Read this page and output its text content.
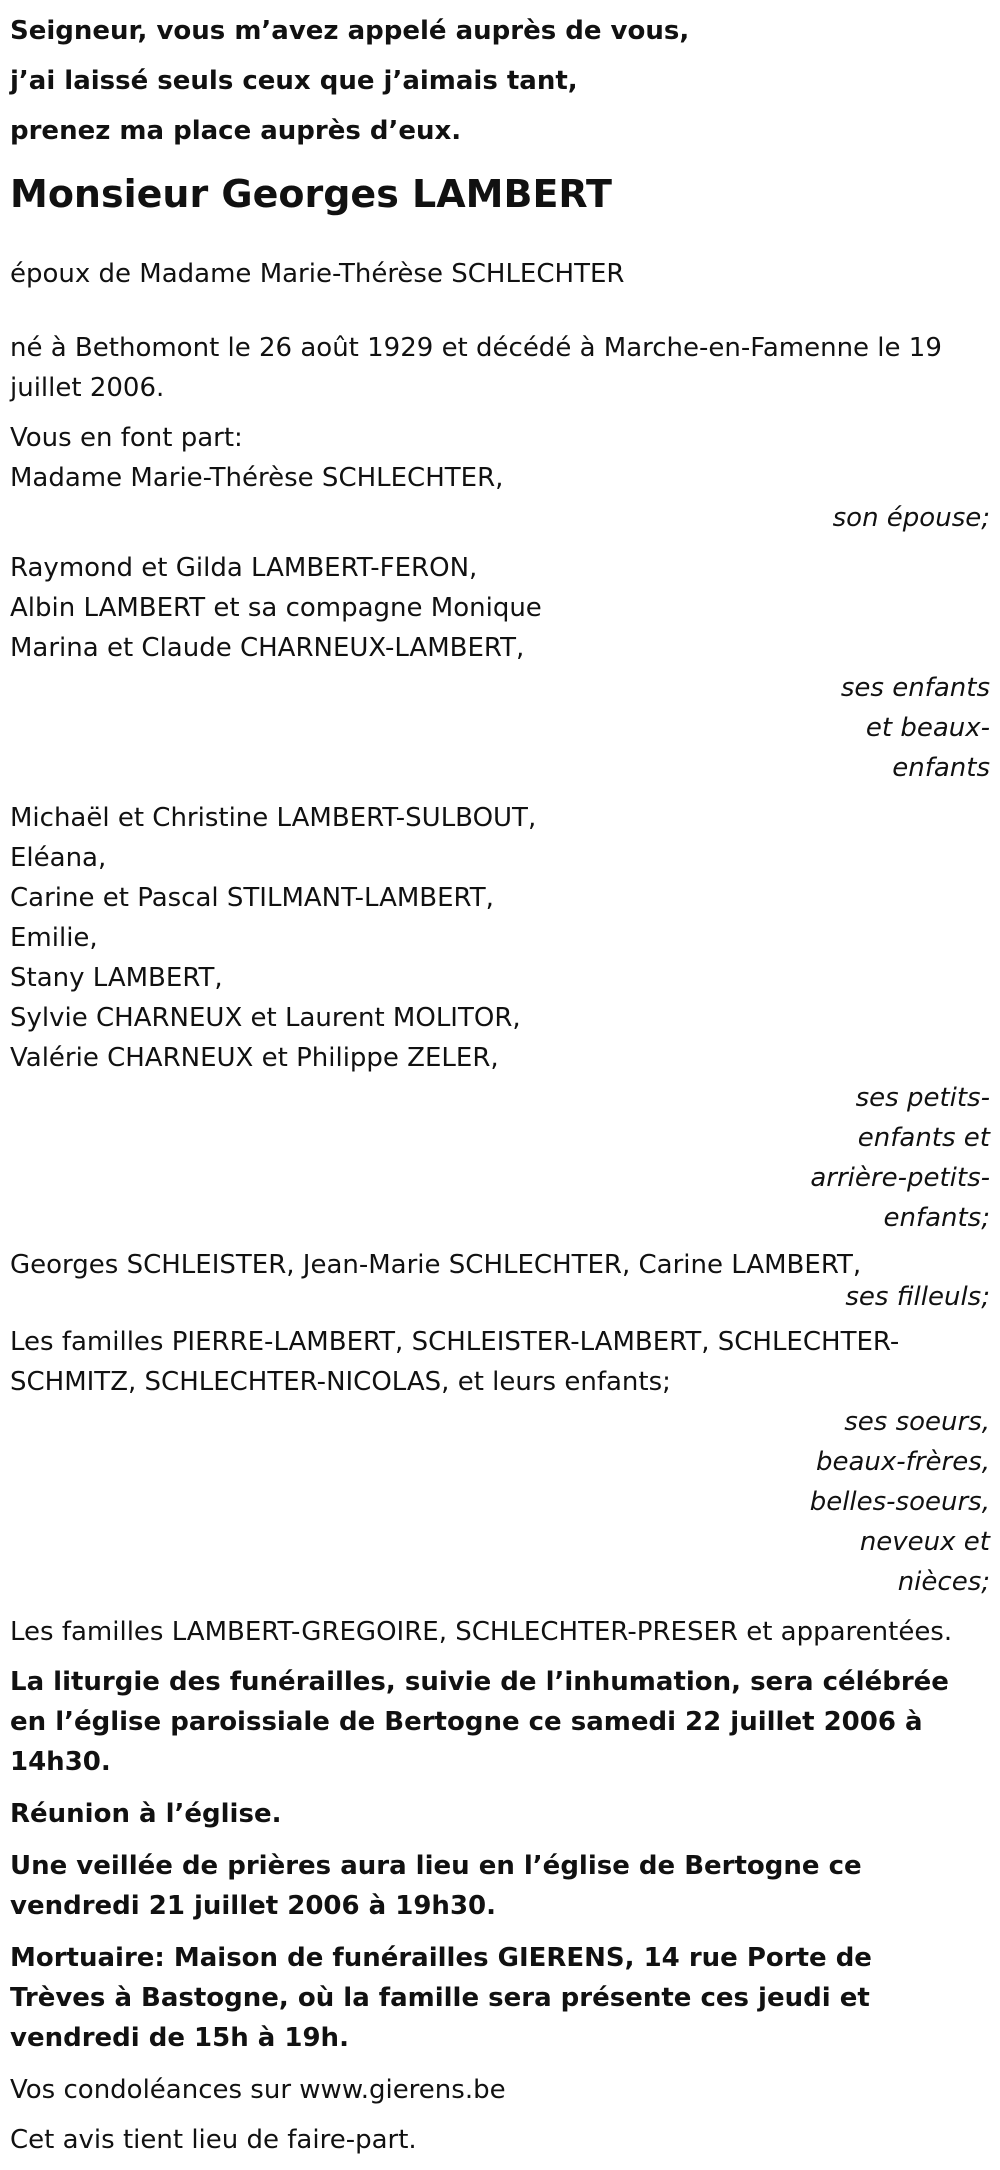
Seigneur, vous m’avez appelé auprès de vous,
j’ai laissé seuls ceux que j’aimais tant,
prenez ma place auprès d’eux.
Monsieur Georges LAMBERT
époux de Madame Marie-Thérèse SCHLECHTER
né à Bethomont le 26 août 1929 et décédé à Marche-en-Famenne le 19 juillet 2006.
Vous en font part:
Madame Marie-Thérèse SCHLECHTER,
son épouse;
Raymond et Gilda LAMBERT-FERON,
Albin LAMBERT et sa compagne Monique
Marina et Claude CHARNEUX-LAMBERT,
ses enfants et beaux-enfants
Michaël et Christine LAMBERT-SULBOUT,
Eléana,
Carine et Pascal STILMANT-LAMBERT,
Emilie,
Stany LAMBERT,
Sylvie CHARNEUX et Laurent MOLITOR,
Valérie CHARNEUX et Philippe ZELER,
ses petits-enfants et arrière-petits-enfants;
Georges SCHLEISTER, Jean-Marie SCHLECHTER, Carine LAMBERT,
ses filleuls;
Les familles PIERRE-LAMBERT, SCHLEISTER-LAMBERT, SCHLECHTER-SCHMITZ, SCHLECHTER-NICOLAS, et leurs enfants;
ses soeurs, beaux-frères, belles-soeurs, neveux et nièces;
Les familles LAMBERT-GREGOIRE, SCHLECHTER-PRESER et apparentées.
La liturgie des funérailles, suivie de l’inhumation, sera célébrée en l’église paroissiale de Bertogne ce samedi 22 juillet 2006 à 14h30.
Réunion à l’église.
Une veillée de prières aura lieu en l’église de Bertogne ce vendredi 21 juillet 2006 à 19h30.
Mortuaire: Maison de funérailles GIERENS, 14 rue Porte de Trèves à Bastogne, où la famille sera présente ces jeudi et vendredi de 15h à 19h.
Vos condoléances sur www.gierens.be
Cet avis tient lieu de faire-part.
